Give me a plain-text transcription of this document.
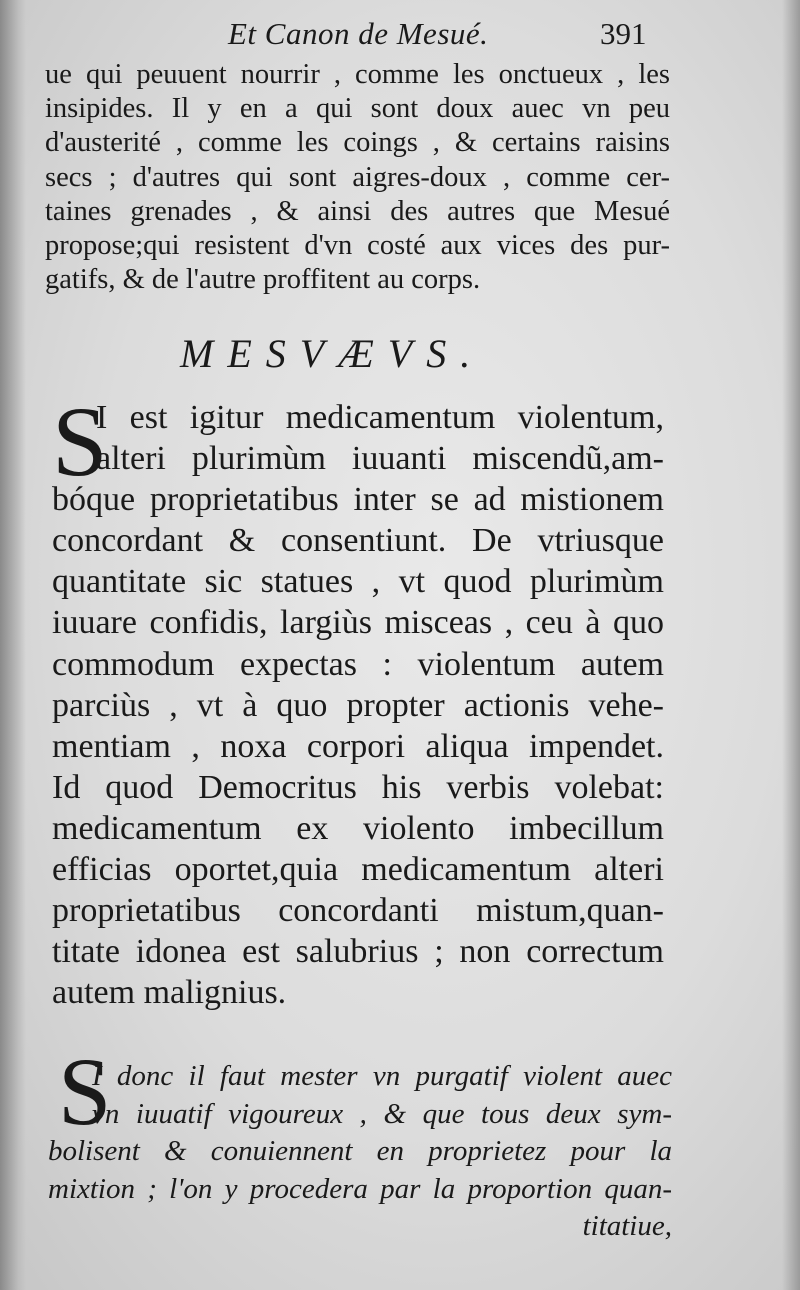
Et Canon de Mesué.	391
ue qui peuuent nourrir , comme les onctueux , les
insipides. Il y en a qui sont doux auec vn peu
d'austerité , comme les coings , & certains raisins
secs ; d'autres qui sont aigres-doux , comme cer-
taines grenades , & ainsi des autres que Mesué
propose;qui resistent d'vn costé aux vices des pur-
gatifs, & de l'autre proffitent au corps.
MESVÆVS.
S
I est igitur medicamentum violentum,
alteri plurimùm iuuanti miscendũ,am-
bóque proprietatibus inter se ad mistionem
concordant & consentiunt. De vtriusque
quantitate sic statues , vt quod plurimùm
iuuare confidis, largiùs misceas , ceu à quo
commodum expectas : violentum autem
parciùs , vt à quo propter actionis vehe-
mentiam , noxa corpori aliqua impendet.
Id quod Democritus his verbis volebat:
medicamentum ex violento imbecillum
efficias oportet,quia medicamentum alteri
proprietatibus concordanti mistum,quan-
titate idonea est salubrius ; non correctum
autem malignius.
S
I donc il faut mester vn purgatif violent auec
vn iuuatif vigoureux , & que tous deux sym-
bolisent & conuiennent en proprietez pour la
mixtion ; l'on y procedera par la proportion quan-
titatiue,
